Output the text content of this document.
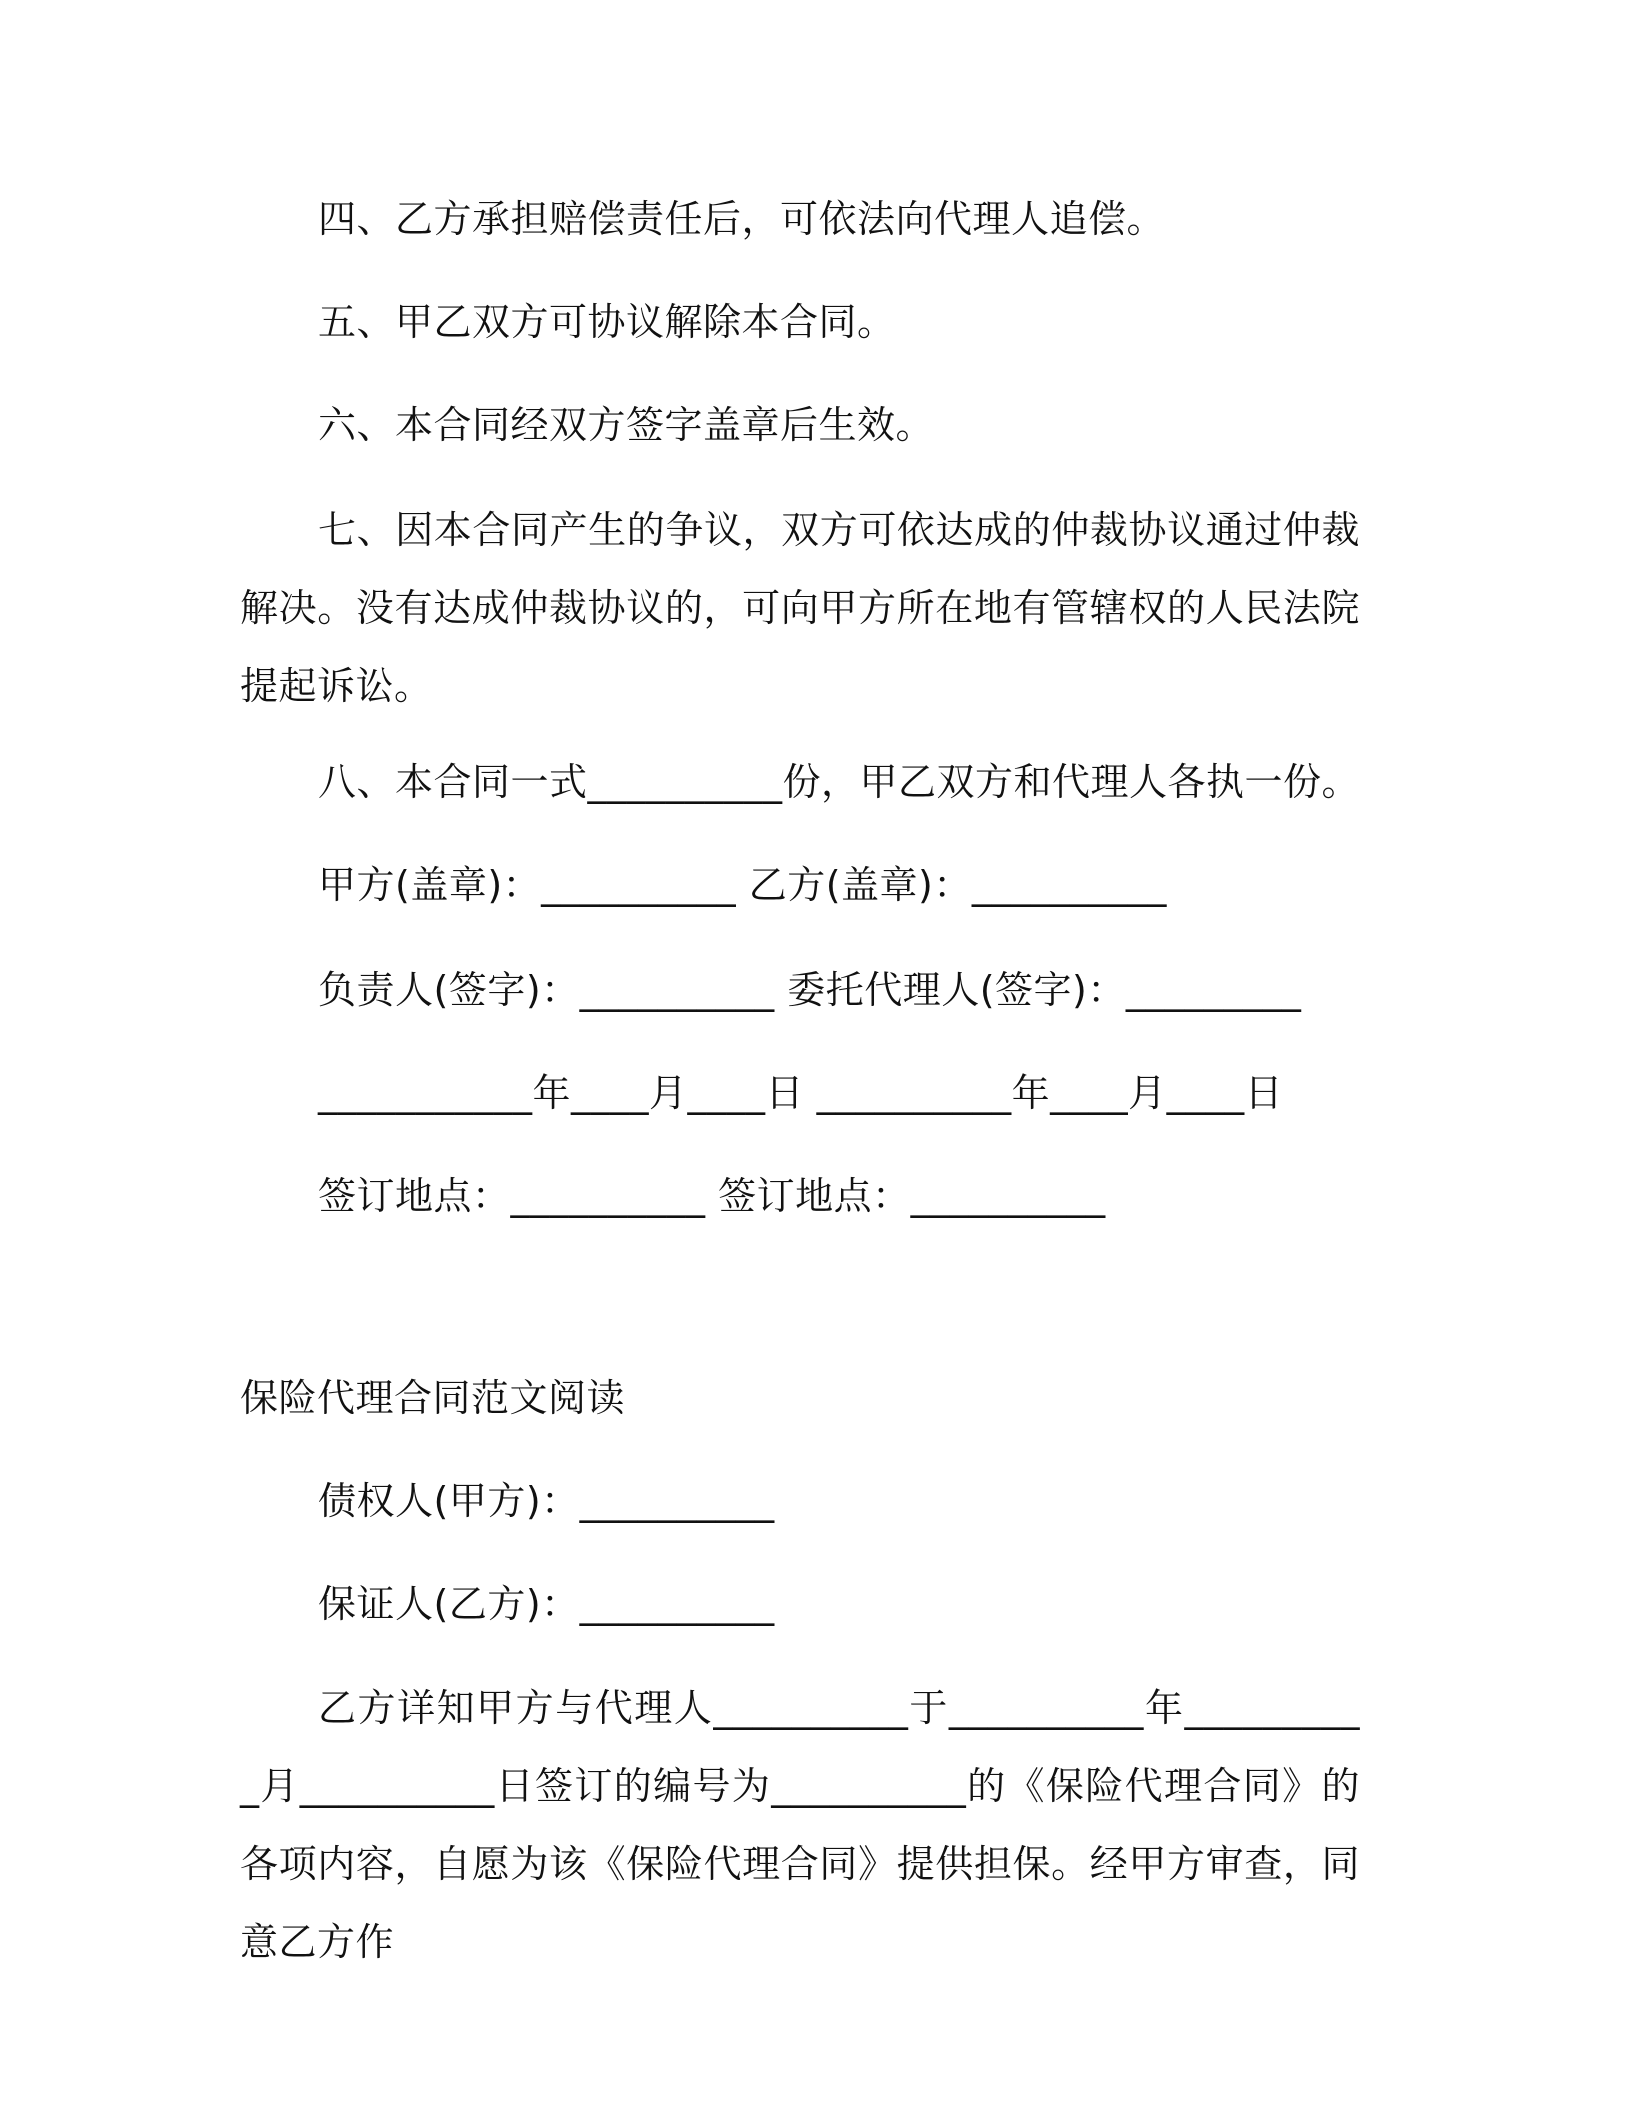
四、乙方承担赔偿责任后，可依法向代理人追偿。
五、甲乙双方可协议解除本合同。
六、本合同经双方签字盖章后生效。
七、因本合同产生的争议，双方可依达成的仲裁协议通过仲裁解决。没有达成仲裁协议的，可向甲方所在地有管辖权的人民法院提起诉讼。
八、本合同一式__________份，甲乙双方和代理人各执一份。
甲方(盖章)：__________ 乙方(盖章)：__________
负责人(签字)：__________ 委托代理人(签字)：_________
___________年____月____日 __________年____月____日
签订地点：__________ 签订地点：__________
保险代理合同范文阅读
债权人(甲方)：__________
保证人(乙方)：__________
乙方详知甲方与代理人__________于__________年__________月__________日签订的编号为__________的《保险代理合同》的各项内容，自愿为该《保险代理合同》提供担保。经甲方审查，同意乙方作
